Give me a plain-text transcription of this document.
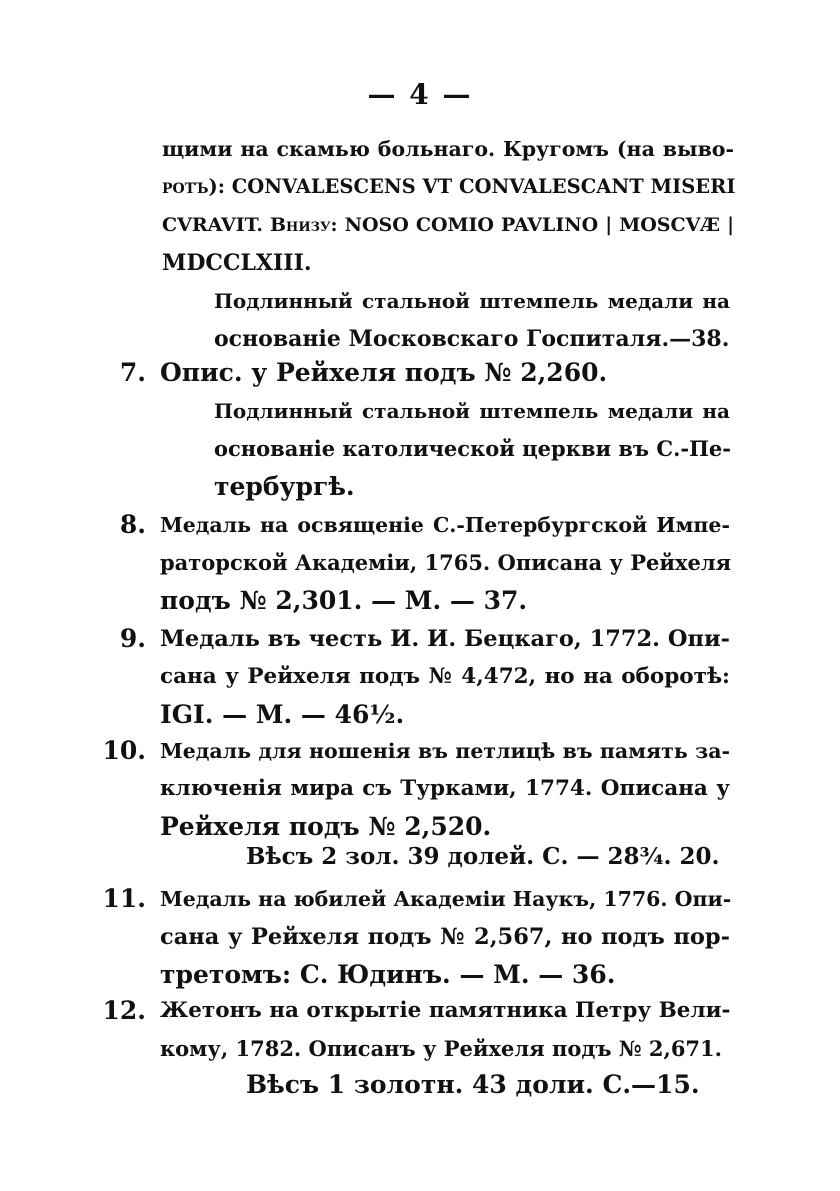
— 4 —
щими на скамью больнаго. Кругомъ (на выво-
ротъ): CONVALESCENS VT CONVALESCANT MISERI
CVRAVIT. Внизу: NOSO COMIO PAVLINO | MOSCVÆ |
MDCCLXIII.
Подлинный стальной штемпель медали на
основаніе Московскаго Госпиталя.—38.
7. Опис. у Рейхеля подъ № 2,260.
Подлинный стальной штемпель медали на
основаніе католической церкви въ С.-Пе-
тербургѣ.
8. Медаль на освященіе С.-Петербургской Импе-
раторской Академіи, 1765. Описана у Рейхеля
подъ № 2,301. — М. — 37.
9. Медаль въ честь И. И. Бецкаго, 1772. Опи-
сана у Рейхеля подъ № 4,472, но на оборотѣ:
IGI. — М. — 46½.
10. Медаль для ношенія въ петлицѣ въ память за-
ключенія мира съ Турками, 1774. Описана у
Рейхеля подъ № 2,520.
Вѣсъ 2 зол. 39 долей. С. — 28¾. 20.
11. Медаль на юбилей Академіи Наукъ, 1776. Опи-
сана у Рейхеля подъ № 2,567, но подъ пор-
третомъ: С. Юдинъ. — М. — 36.
12. Жетонъ на открытіе памятника Петру Вели-
кому, 1782. Описанъ у Рейхеля подъ № 2,671.
Вѣсъ 1 золотн. 43 доли. С.—15.
